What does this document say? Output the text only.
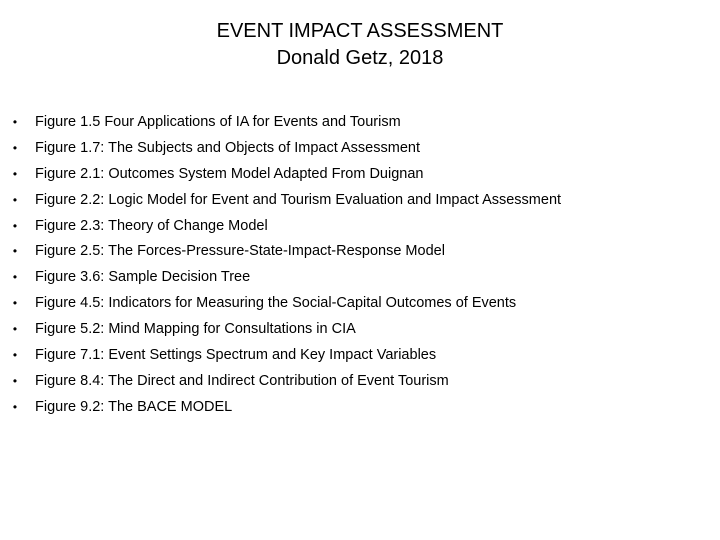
EVENT IMPACT ASSESSMENT
Donald Getz, 2018
• Figure 1.5 Four Applications of IA for Events and Tourism
• Figure 1.7: The Subjects and Objects of Impact Assessment
• Figure 2.1: Outcomes System Model Adapted From Duignan
• Figure 2.2: Logic Model for Event and Tourism Evaluation and Impact Assessment
• Figure 2.3: Theory of Change Model
• Figure 2.5: The Forces-Pressure-State-Impact-Response Model
• Figure 3.6: Sample Decision Tree
• Figure 4.5: Indicators for Measuring the Social-Capital Outcomes of Events
• Figure 5.2: Mind Mapping for Consultations in CIA
• Figure 7.1: Event Settings Spectrum and Key Impact Variables
• Figure 8.4: The Direct and Indirect Contribution of Event Tourism
• Figure 9.2: The BACE MODEL
